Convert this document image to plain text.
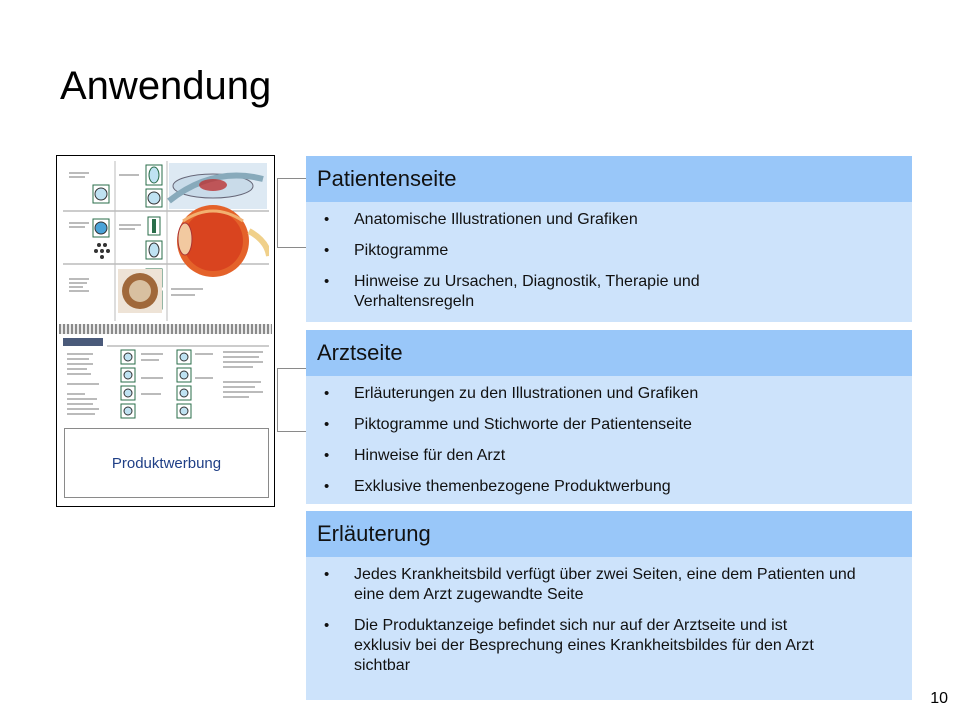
Anwendung
Produktwerbung
Patientenseite
• Anatomische Illustrationen und Grafiken
• Piktogramme
• Hinweise zu Ursachen, Diagnostik, Therapie und Verhaltensregeln
Arztseite
• Erläuterungen zu den Illustrationen und Grafiken
• Piktogramme und Stichworte der Patientenseite
• Hinweise für den Arzt
• Exklusive themenbezogene Produktwerbung
Erläuterung
• Jedes Krankheitsbild verfügt über zwei Seiten, eine dem Patienten und eine dem Arzt zugewandte Seite
• Die Produktanzeige befindet sich nur auf der Arztseite und ist exklusiv bei der Besprechung eines Krankheitsbildes für den Arzt sichtbar
10
